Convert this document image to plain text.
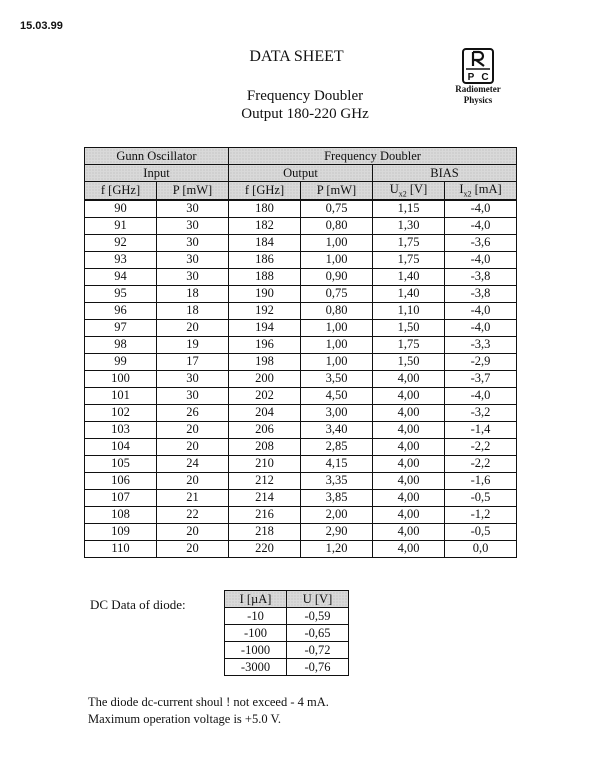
15.03.99
DATA SHEET
Frequency Doubler
Output 180-220 GHz
P C
Radiometer
Physics
Gunn Oscillator		Frequency Doubler			
Input		Output		BIAS	
f [GHz]	P [mW]	f [GHz]	P [mW]	$U_{x2}$ [V]	$I_{x2}$ [mA]
90	30	180	0,75	1,15	-4,0
91	30	182	0,80	1,30	-4,0
92	30	184	1,00	1,75	-3,6
93	30	186	1,00	1,75	-4,0
94	30	188	0,90	1,40	-3,8
95	18	190	0,75	1,40	-3,8
96	18	192	0,80	1,10	-4,0
97	20	194	1,00	1,50	-4,0
98	19	196	1,00	1,75	-3,3
99	17	198	1,00	1,50	-2,9
100	30	200	3,50	4,00	-3,7
101	30	202	4,50	4,00	-4,0
102	26	204	3,00	4,00	-3,2
103	20	206	3,40	4,00	-1,4
104	20	208	2,85	4,00	-2,2
105	24	210	4,15	4,00	-2,2
106	20	212	3,35	4,00	-1,6
107	21	214	3,85	4,00	-0,5
108	22	216	2,00	4,00	-1,2
109	20	218	2,90	4,00	-0,5
110	20	220	1,20	4,00	0,0
DC Data of diode:	I [µA]	U [V]
-10	-0,59
-100	-0,65
-1000	-0,72
-3000	-0,76
The diode dc-current shoul ! not exceed - 4 mA.
Maximum operation voltage is +5.0 V.
